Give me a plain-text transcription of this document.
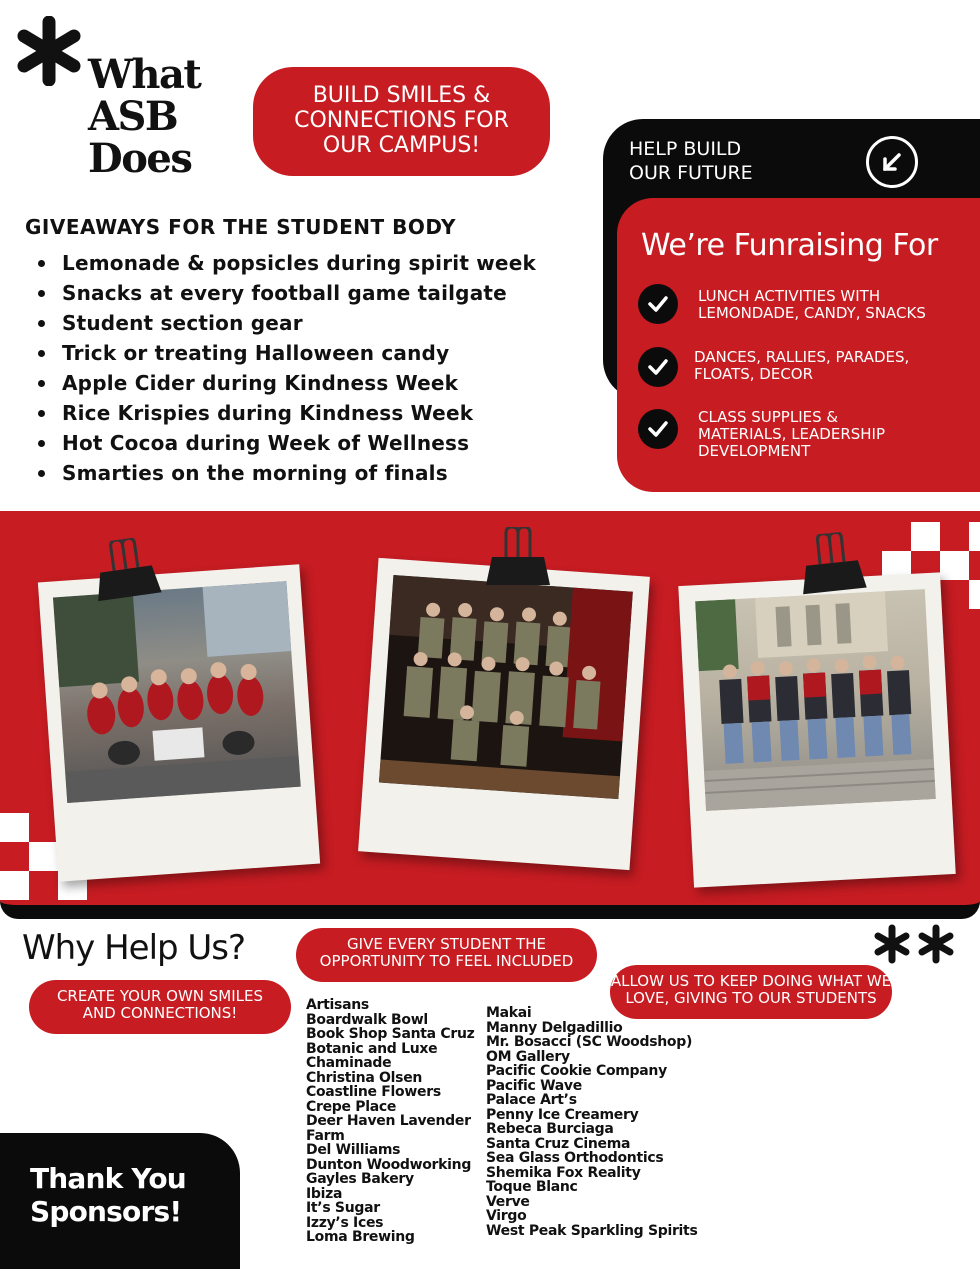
What
ASB
Does
BUILD SMILES &
CONNECTIONS FOR
OUR CAMPUS!
GIVEAWAYS FOR THE STUDENT BODY
Lemonade & popsicles during spirit week
Snacks at every football game tailgate
Student section gear
Trick or treating Halloween candy
Apple Cider during Kindness Week
Rice Krispies during Kindness Week
Hot Cocoa during Week of Wellness
Smarties on the morning of finals
HELP BUILD
OUR FUTURE
We’re Funraising For
LUNCH ACTIVITIES WITH
LEMONDADE, CANDY, SNACKS
DANCES, RALLIES, PARADES,
FLOATS, DECOR
CLASS SUPPLIES &
MATERIALS, LEADERSHIP
DEVELOPMENT
Why Help Us?	GIVE EVERY STUDENT THE
OPPORTUNITY TO FEEL INCLUDED
CREATE YOUR OWN SMILES
AND CONNECTIONS!
ALLOW US TO KEEP DOING WHAT WE
LOVE, GIVING TO OUR STUDENTS
Artisans
Boardwalk Bowl
Book Shop Santa Cruz
Botanic and Luxe
Chaminade
Christina Olsen
Coastline Flowers
Crepe Place
Deer Haven Lavender
Farm
Del Williams
Dunton Woodworking
Gayles Bakery
Ibiza
It’s Sugar
Izzy’s Ices
Loma Brewing
Makai
Manny Delgadillio
Mr. Bosacci (SC Woodshop)
OM Gallery
Pacific Cookie Company
Pacific Wave
Palace Art’s
Penny Ice Creamery
Rebeca Burciaga
Santa Cruz Cinema
Sea Glass Orthodontics
Shemika Fox Reality
Toque Blanc
Verve
Virgo
West Peak Sparkling Spirits
Thank You
Sponsors!
